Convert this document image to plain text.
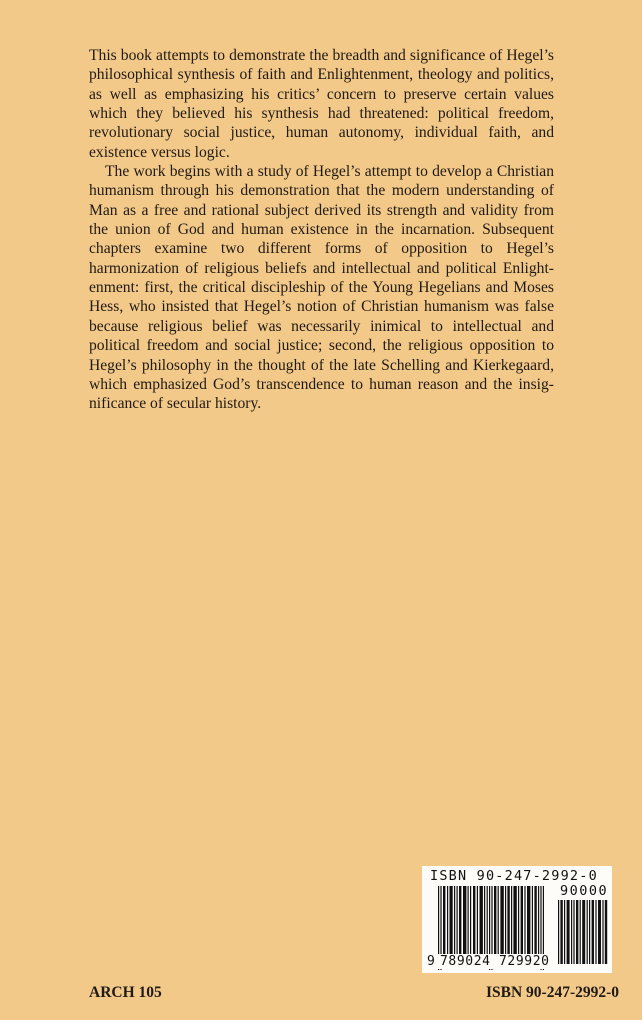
This book attempts to demonstrate the breadth and significance of Hegel’s philosophical synthesis of faith and Enlightenment, theology and politics, as well as emphasizing his critics’ concern to preserve certain values which they believed his synthesis had threatened: political freedom, revolutionary social justice, human autonomy, individual faith, and existence versus logic.

The work begins with a study of Hegel’s attempt to develop a Christian humanism through his demonstration that the modern understanding of Man as a free and rational subject derived its strength and validity from the union of God and human existence in the incarnation. Subsequent chapters examine two different forms of opposition to Hegel’s harmonization of religious beliefs and intellectual and political Enlightenment: first, the critical discipleship of the Young Hegelians and Moses Hess, who insisted that Hegel’s notion of Christian humanism was false because religious belief was necessarily inimical to intellectual and political freedom and social justice; second, the religious opposition to Hegel’s philosophy in the thought of the late Schelling and Kierkegaard, which emphasized God’s transcendence to human reason and the insignificance of secular history.

ISBN 90-247-2992-0
90000
9 789024 729920
ARCH 105	ISBN 90-247-2992-0
